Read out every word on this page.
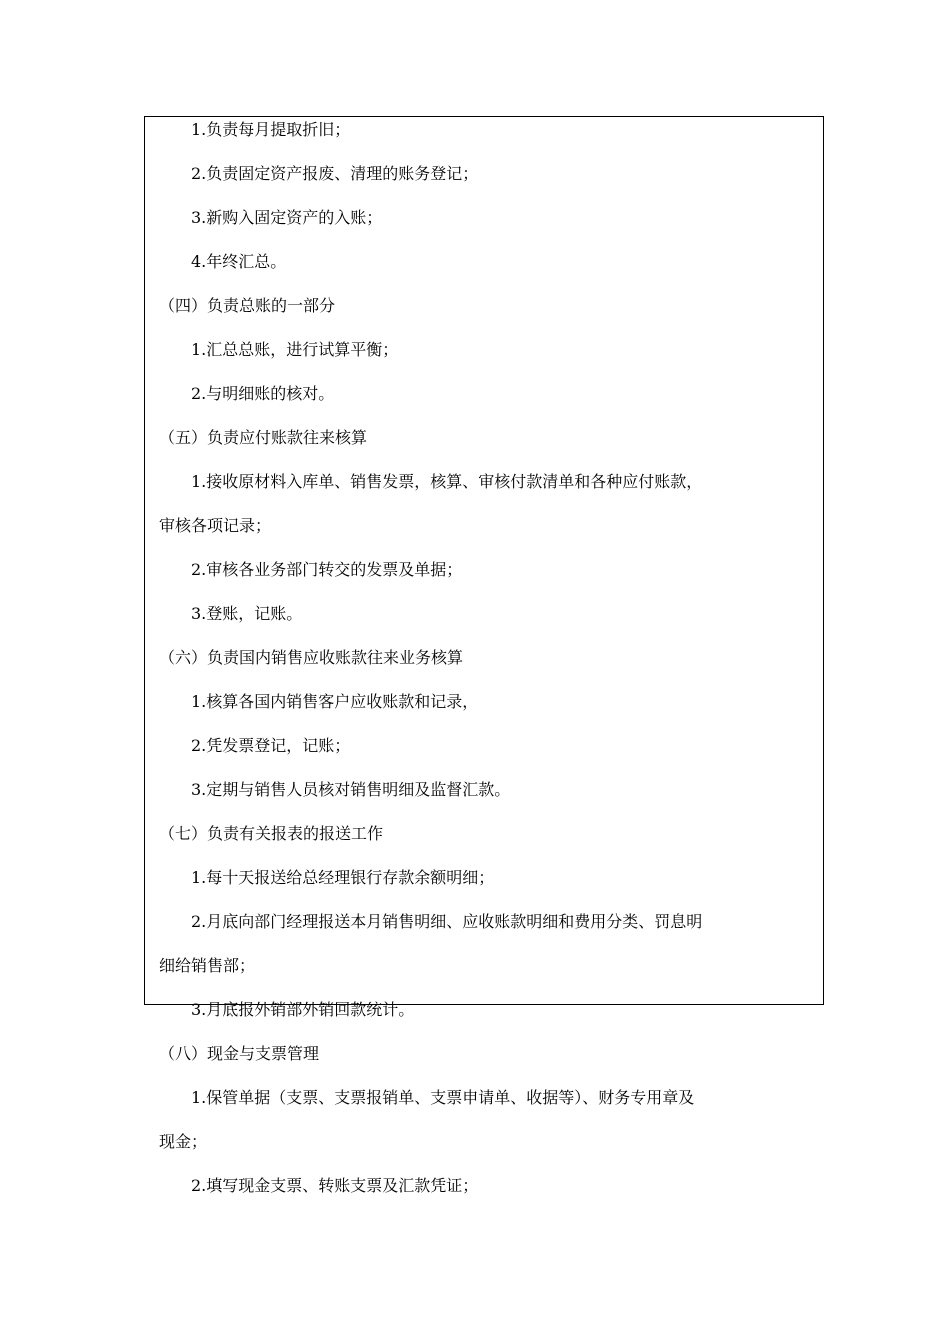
1.负责每月提取折旧；
2.负责固定资产报废、清理的账务登记；
3.新购入固定资产的入账；
4.年终汇总。
（四）负责总账的一部分
1.汇总总账，进行试算平衡；
2.与明细账的核对。
（五）负责应付账款往来核算
1.接收原材料入库单、销售发票，核算、审核付款清单和各种应付账款，
审核各项记录；
2.审核各业务部门转交的发票及单据；
3.登账，记账。
（六）负责国内销售应收账款往来业务核算
1.核算各国内销售客户应收账款和记录，
2.凭发票登记，记账；
3.定期与销售人员核对销售明细及监督汇款。
（七）负责有关报表的报送工作
1.每十天报送给总经理银行存款余额明细；
2.月底向部门经理报送本月销售明细、应收账款明细和费用分类、罚息明
细给销售部；
3.月底报外销部外销回款统计。
（八）现金与支票管理
1.保管单据（支票、支票报销单、支票申请单、收据等）、财务专用章及
现金；
2.填写现金支票、转账支票及汇款凭证；
